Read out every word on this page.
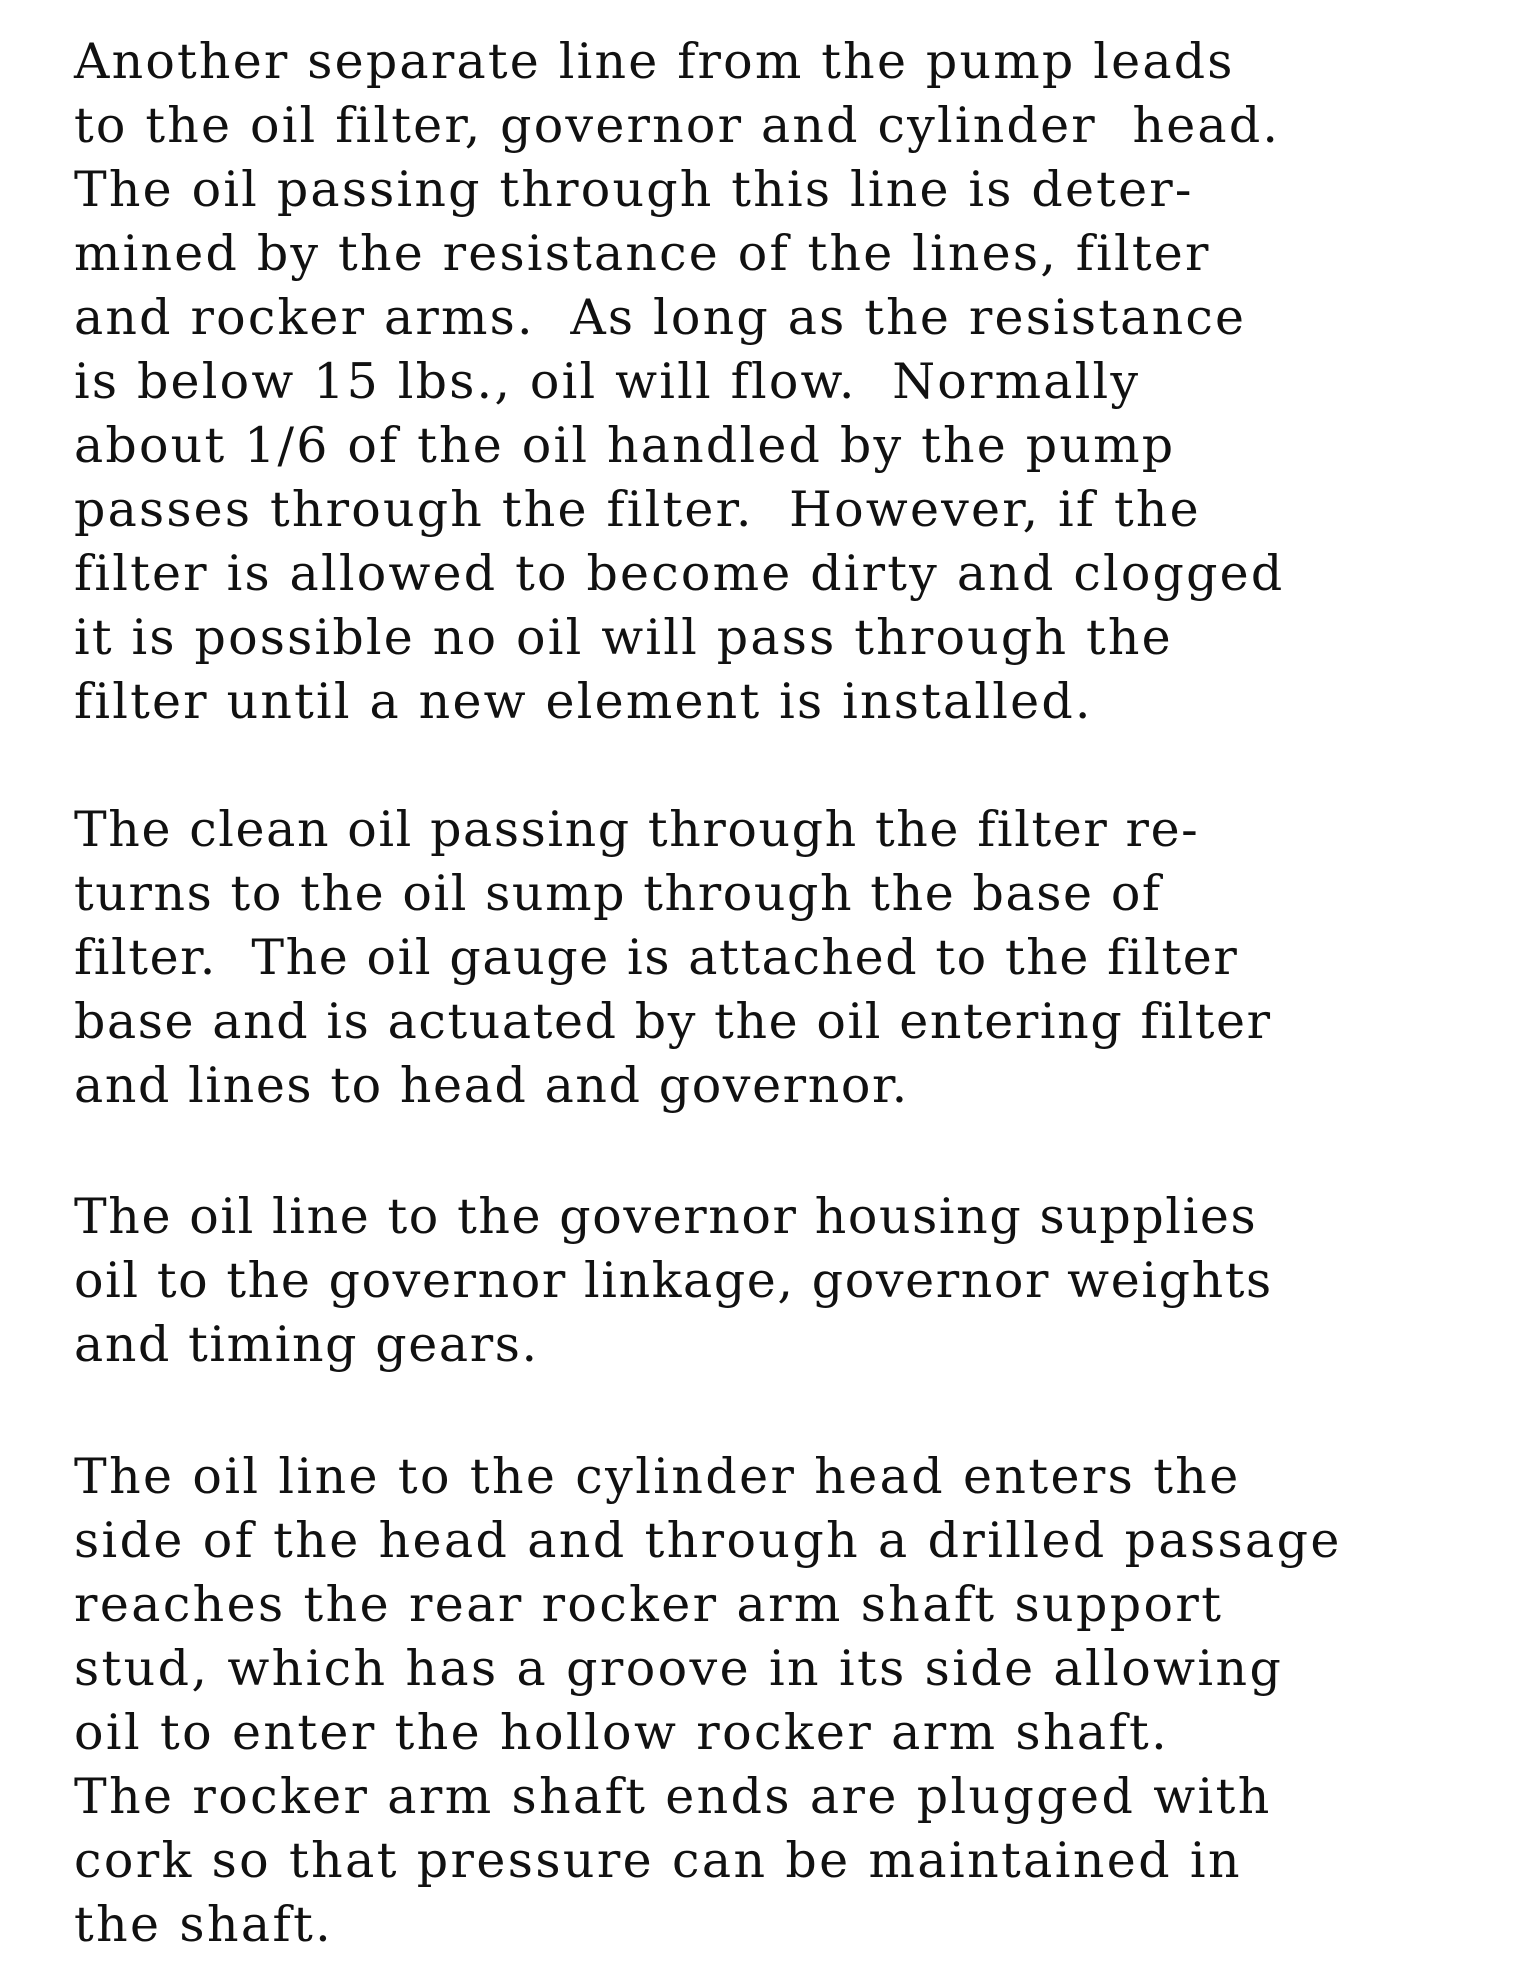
Another separate line from the pump leads
to the oil filter, governor and cylinder  head.
The oil passing through this line is deter-
mined by the resistance of the lines, filter
and rocker arms.  As long as the resistance
is below 15 lbs., oil will flow.  Normally
about 1/6 of the oil handled by the pump
passes through the filter.  However, if the
filter is allowed to become dirty and clogged
it is possible no oil will pass through the
filter until a new element is installed.

The clean oil passing through the filter re-
turns to the oil sump through the base of
filter.  The oil gauge is attached to the filter
base and is actuated by the oil entering filter
and lines to head and governor.

The oil line to the governor housing supplies
oil to the governor linkage, governor weights
and timing gears.

The oil line to the cylinder head enters the
side of the head and through a drilled passage
reaches the rear rocker arm shaft support
stud, which has a groove in its side allowing
oil to enter the hollow rocker arm shaft.
The rocker arm shaft ends are plugged with
cork so that pressure can be maintained in
the shaft.
